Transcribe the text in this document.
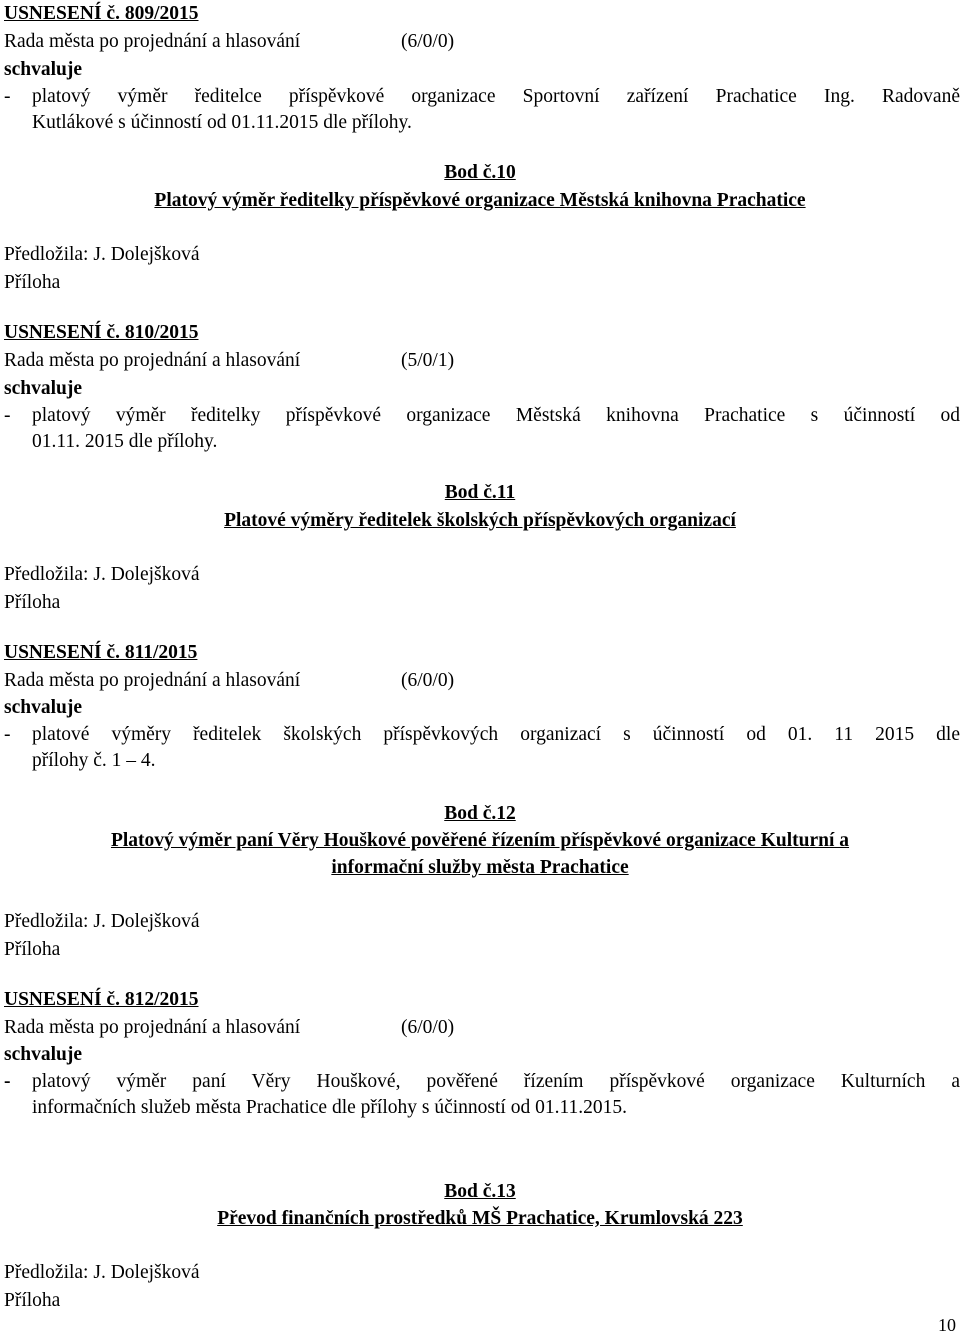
USNESENÍ č. 809/2015
Rada města po projednání a hlasování	(6/0/0)
schvaluje
- platový výměr ředitelce příspěvkové organizace Sportovní zařízení Prachatice Ing. Radovaně
Kutlákové s účinností od 01.11.2015 dle přílohy.
Bod č.10
Platový výměr ředitelky příspěvkové organizace Městská knihovna Prachatice
Předložila: J. Dolejšková
Příloha
USNESENÍ č. 810/2015
Rada města po projednání a hlasování	(5/0/1)
schvaluje
- platový výměr ředitelky příspěvkové organizace Městská knihovna Prachatice s účinností od
01.11. 2015 dle přílohy.
Bod č.11
Platové výměry ředitelek školských příspěvkových organizací
Předložila: J. Dolejšková
Příloha
USNESENÍ č. 811/2015
Rada města po projednání a hlasování	(6/0/0)
schvaluje
- platové výměry ředitelek školských příspěvkových organizací s účinností od 01. 11 2015 dle
přílohy č. 1 – 4.
Bod č.12
Platový výměr paní Věry Houškové pověřené řízením příspěvkové organizace Kulturní a
informační služby města Prachatice
Předložila: J. Dolejšková
Příloha
USNESENÍ č. 812/2015
Rada města po projednání a hlasování	(6/0/0)
schvaluje
- platový výměr paní Věry Houškové, pověřené řízením příspěvkové organizace Kulturních a
informačních služeb města Prachatice dle přílohy s účinností od 01.11.2015.
Bod č.13
Převod finančních prostředků MŠ Prachatice, Krumlovská 223
Předložila: J. Dolejšková
Příloha
10
